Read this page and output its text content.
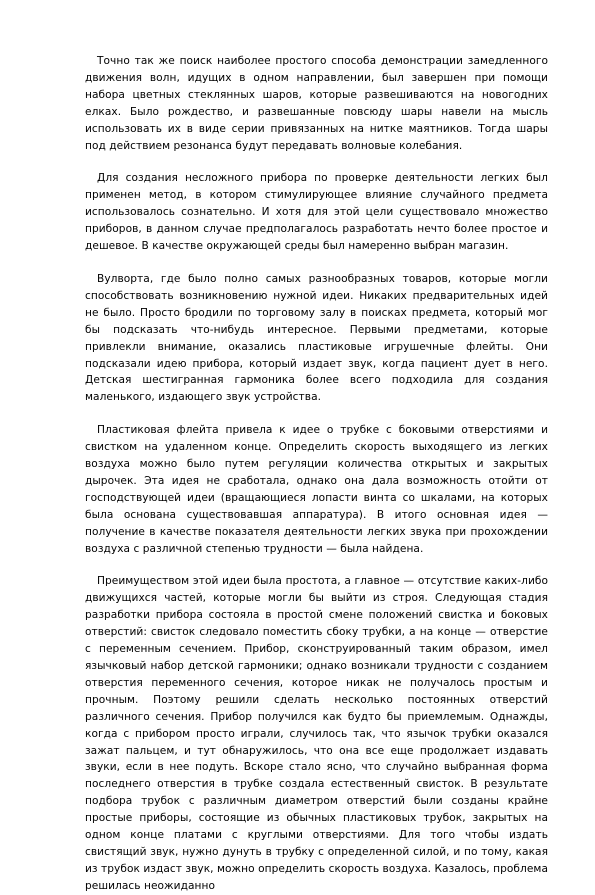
Точно так же поиск наиболее простого способа демонстрации замедленного движения волн, идущих в одном направлении, был завершен при помощи набора цветных стеклянных шаров, которые развешиваются на новогодних елках. Было рождество, и развешанные повсюду шары навели на мысль использовать их в виде серии привязанных на нитке маятников. Тогда шары под действием резонанса будут передавать волновые колебания.

Для создания несложного прибора по проверке деятельности легких был применен метод, в котором стимулирующее влияние случайного предмета использовалось сознательно. И хотя для этой цели существовало множество приборов, в данном случае предполагалось разработать нечто более простое и дешевое. В качестве окружающей среды был намеренно выбран магазин.

Вулворта, где было полно самых разнообразных товаров, которые могли способствовать возникновению нужной идеи. Никаких предварительных идей не было. Просто бродили по торговому залу в поисках предмета, который мог бы подсказать что-нибудь интересное. Первыми предметами, которые привлекли внимание, оказались пластиковые игрушечные флейты. Они подсказали идею прибора, который издает звук, когда пациент дует в него. Детская шестигранная гармоника более всего подходила для создания маленького, издающего звук устройства.

Пластиковая флейта привела к идее о трубке с боковыми отверстиями и свистком на удаленном конце. Определить скорость выходящего из легких воздуха можно было путем регуляции количества открытых и закрытых дырочек. Эта идея не сработала, однако она дала возможность отойти от господствующей идеи (вращающиеся лопасти винта со шкалами, на которых была основана существовавшая аппаратура). В итого основная идея — получение в качестве показателя деятельности легких звука при прохождении воздуха с различной степенью трудности — была найдена.

Преимуществом этой идеи была простота, а главное — отсутствие каких-либо движущихся частей, которые могли бы выйти из строя. Следующая стадия разработки прибора состояла в простой смене положений свистка и боковых отверстий: свисток следовало поместить сбоку трубки, а на конце — отверстие с переменным сечением. Прибор, сконструированный таким образом, имел язычковый набор детской гармоники; однако возникали трудности с созданием отверстия переменного сечения, которое никак не получалось простым и прочным. Поэтому решили сделать несколько постоянных отверстий различного сечения. Прибор получился как будто бы приемлемым. Однажды, когда с прибором просто играли, случилось так, что язычок трубки оказался зажат пальцем, и тут обнаружилось, что она все еще продолжает издавать звуки, если в нее подуть. Вскоре стало ясно, что случайно выбранная форма последнего отверстия в трубке создала естественный свисток. В результате подбора трубок с различным диаметром отверстий были созданы крайне простые приборы, состоящие из обычных пластиковых трубок, закрытых на одном конце платами с круглыми отверстиями. Для того чтобы издать свистящий звук, нужно дунуть в трубку с определенной силой, и по тому, какая из трубок издаст звук, можно определить скорость воздуха. Казалось, проблема решилась неожиданно
